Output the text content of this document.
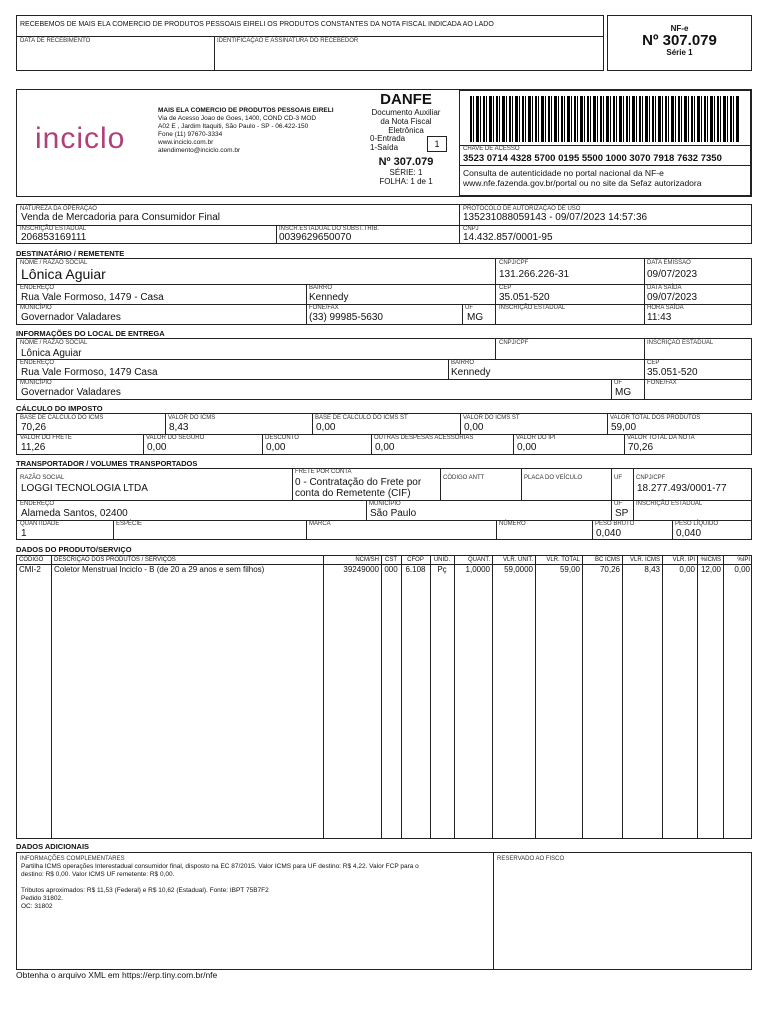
RECEBEMOS DE MAIS ELA COMERCIO DE PRODUTOS PESSOAIS EIRELI OS PRODUTOS CONSTANTES DA NOTA FISCAL INDICADA AO LADO
DATA DE RECEBIMENTO	IDENTIFICAÇÃO E ASSINATURA DO RECEBEDOR
NF-e
Nº 307.079
Série 1
inciclo
MAIS ELA COMERCIO DE PRODUTOS PESSOAIS EIRELI
Via de Acesso Joao de Goes, 1400, COND CD-3 MOD
A02 E , Jardim Itaquiti, São Paulo - SP - 06.422-150
Fone (11) 97670-3334
www.inciclo.com.br
atendimento@inciclo.com.br
DANFE
Documento Auxiliar
da Nota Fiscal
Eletrônica
0-Entrada
1-Saída	1
Nº 307.079
SÉRIE: 1
FOLHA: 1 de 1
CHAVE DE ACESSO
3523 0714 4328 5700 0195 5500 1000 3070 7918 7632 7350
Consulta de autenticidade no portal nacional da NF-e
www.nfe.fazenda.gov.br/portal ou no site da Sefaz autorizadora
NATUREZA DA OPERAÇÃO
Venda de Mercadoria para Consumidor Final
PROTOCOLO DE AUTORIZAÇÃO DE USO
135231088059143 - 09/07/2023 14:57:36
INSCRIÇÃO ESTADUAL
206853169111
INSCR.ESTADUAL DO SUBST.TRIB.
0039629650070
CNPJ
14.432.857/0001-95
DESTINATÁRIO / REMETENTE
NOME / RAZÃO SOCIAL
Lônica Aguiar
CNPJ/CPF
131.266.226-31
DATA EMISSÃO
09/07/2023
ENDEREÇO
Rua Vale Formoso, 1479 - Casa
BAIRRO
Kennedy
CEP
35.051-520
DATA SAÍDA
09/07/2023
MUNICÍPIO
Governador Valadares
FONE/FAX
(33) 99985-5630
UF
MG
INSCRIÇÃO ESTADUAL	HORA SAÍDA
11:43
INFORMAÇÕES DO LOCAL DE ENTREGA
NOME / RAZÃO SOCIAL
Lônica Aguiar
CNPJ/CPF	INSCRIÇÃO ESTADUAL
ENDEREÇO
Rua Vale Formoso, 1479 Casa
BAIRRO
Kennedy
CEP
35.051-520
MUNICÍPIO
Governador Valadares
UF
MG
FONE/FAX
CÁLCULO DO IMPOSTO
BASE DE CÁLCULO DO ICMS
70,26
VALOR DO ICMS
8,43
BASE DE CÁLCULO DO ICMS ST
0,00
VALOR DO ICMS ST
0,00
VALOR TOTAL DOS PRODUTOS
59,00
VALOR DO FRETE
11,26
VALOR DO SEGURO
0,00
DESCONTO
0,00
OUTRAS DESPESAS ACESSÓRIAS
0,00
VALOR DO IPI
0,00
VALOR TOTAL DA NOTA
70,26
TRANSPORTADOR / VOLUMES TRANSPORTADOS
RAZÃO SOCIAL
LOGGI TECNOLOGIA LTDA
FRETE POR CONTA
0 - Contratação do Frete por
conta do Remetente (CIF)
CÓDIGO ANTT	PLACA DO VEÍCULO	UF CNPJ/CPF
18.277.493/0001-77
ENDEREÇO
Alameda Santos, 02400
MUNICÍPIO
São Paulo
UF
SP
INSCRIÇÃO ESTADUAL
QUANTIDADE
1
ESPÉCIE	MARCA	NÚMERO	PESO BRUTO
0,040
PESO LÍQUIDO
0,040
DADOS DO PRODUTO/SERVIÇO
CÓDIGO DESCRIÇÃO DOS PRODUTOS / SERVIÇOS	NCM/SH	CST	CFOP	UNID.	QUANT.	VLR. UNIT.	VLR. TOTAL	BC ICMS	VLR. ICMS	VLR. IPI %ICMS	%IPI
CMI-2 Coletor Menstrual Inciclo - B (de 20 a 29 anos e sem filhos)	39249000 000 6.108	Pç	1,0000	59,0000	59,00	70,26	8,43	0,00 12,00	0,00
DADOS ADICIONAIS
INFORMAÇÕES COMPLEMENTARES
Partilha ICMS operações Interestadual consumidor final, disposto na EC 87/2015. Valor ICMS para UF destino: R$ 4,22. Valor FCP para o
destino: R$ 0,00. Valor ICMS UF remetente: R$ 0,00.
Tributos aproximados: R$ 11,53 (Federal) e R$ 10,62 (Estadual). Fonte: IBPT 75B7F2
Pedido 31802.
OC: 31802
RESERVADO AO FISCO
Obtenha o arquivo XML em https://erp.tiny.com.br/nfe
